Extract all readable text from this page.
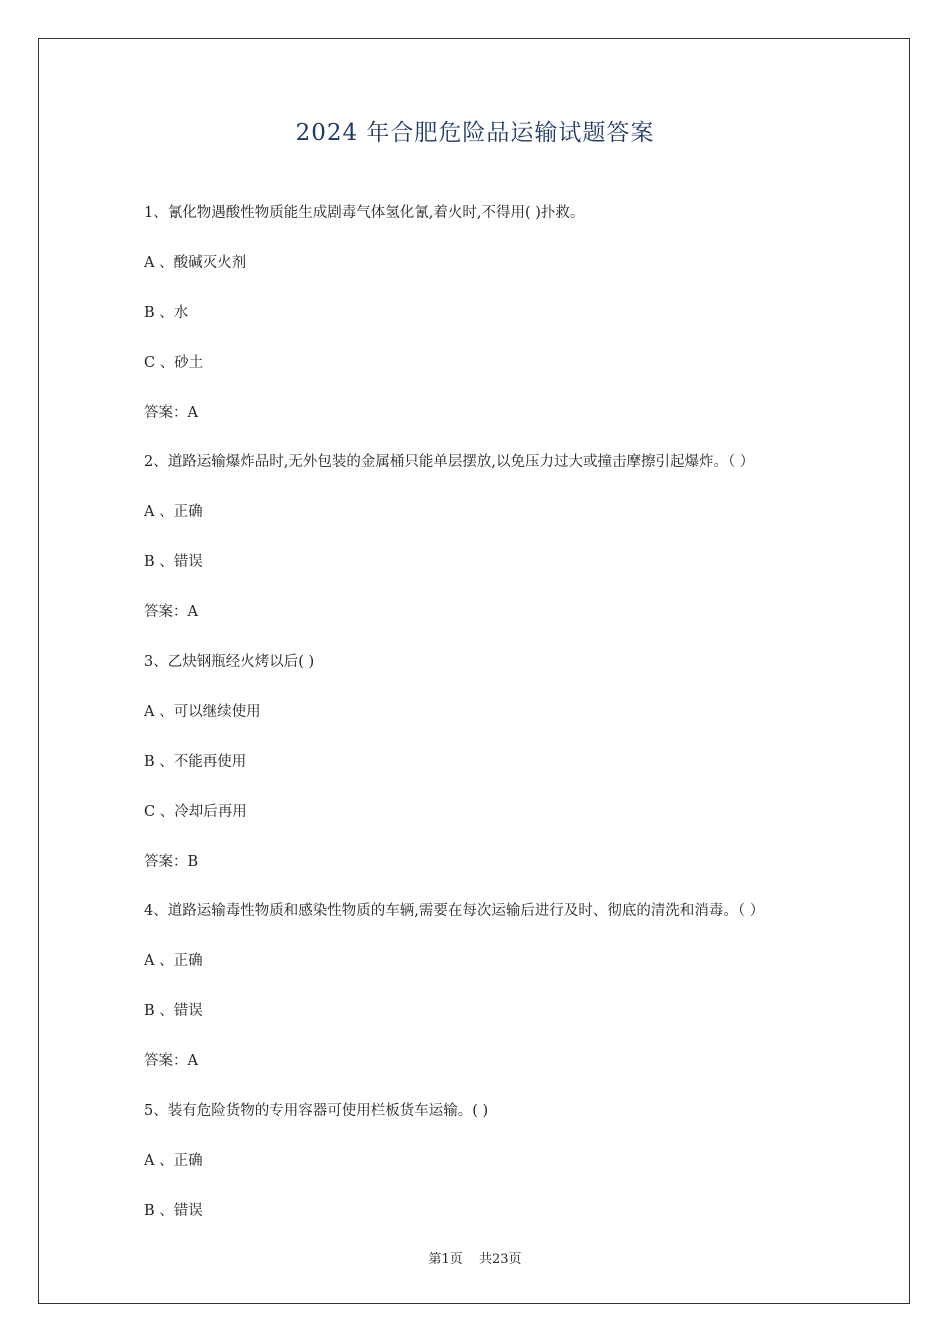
2024 年合肥危险品运输试题答案
1、氰化物遇酸性物质能生成剧毒气体氢化氰,着火时,不得用( )扑救。
A 、酸碱灭火剂
B 、水
C 、砂土
答案：A
2、道路运输爆炸品时,无外包装的金属桶只能单层摆放,以免压力过大或撞击摩擦引起爆炸。（ ）
A 、正确
B 、错误
答案：A
3、乙炔钢瓶经火烤以后( )
A 、可以继续使用
B 、不能再使用
C 、冷却后再用
答案：B
4、道路运输毒性物质和感染性物质的车辆,需要在每次运输后进行及时、彻底的清洗和消毒。（ ）
A 、正确
B 、错误
答案：A
5、装有危险货物的专用容器可使用栏板货车运输。( )
A 、正确
B 、错误
第1页 共23页
